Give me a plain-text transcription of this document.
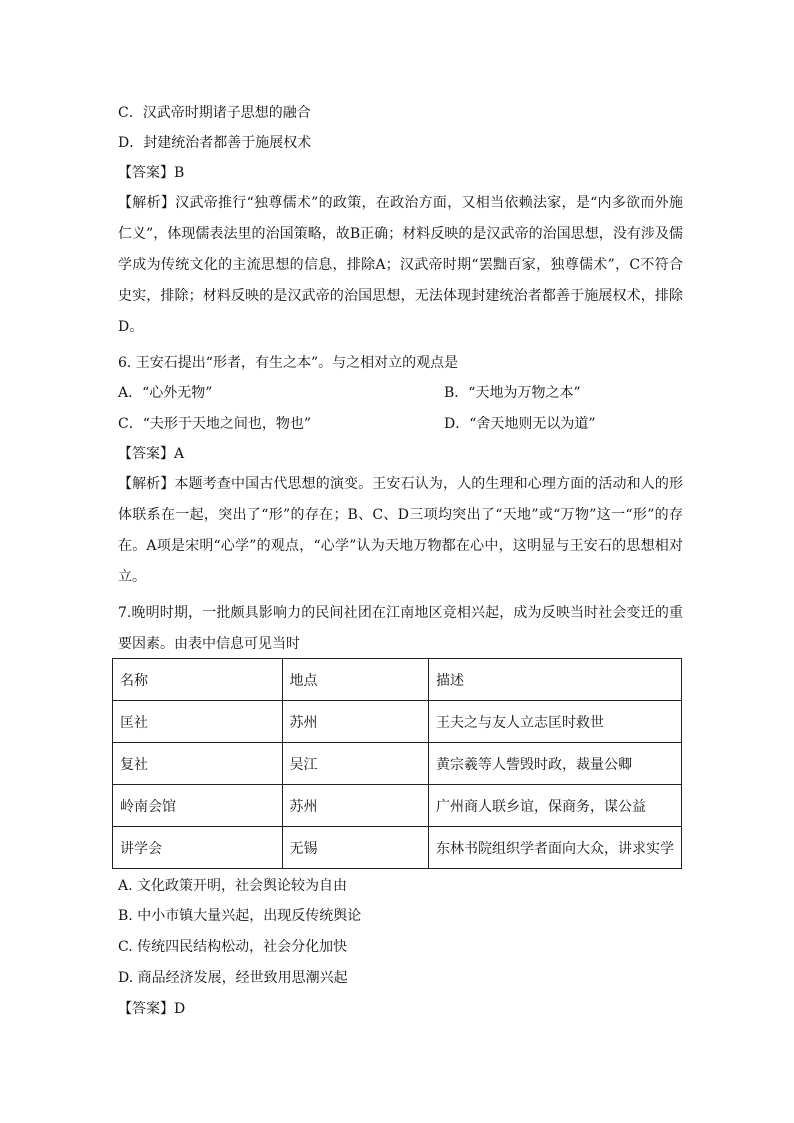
C．汉武帝时期诸子思想的融合
D．封建统治者都善于施展权术
【答案】B
【解析】汉武帝推行“独尊儒术”的政策，在政治方面，又相当依赖法家，是“内多欲而外施仁义”，体现儒表法里的治国策略，故B正确；材料反映的是汉武帝的治国思想，没有涉及儒学成为传统文化的主流思想的信息，排除A；汉武帝时期“罢黜百家，独尊儒术”，C不符合史实，排除；材料反映的是汉武帝的治国思想，无法体现封建统治者都善于施展权术，排除D。
6. 王安石提出“形者，有生之本”。与之相对立的观点是
A．“心外无物”	B．“天地为万物之本”
C．“夫形于天地之间也，物也”	D．“舍天地则无以为道”
【答案】A
【解析】本题考查中国古代思想的演变。王安石认为，人的生理和心理方面的活动和人的形体联系在一起，突出了“形”的存在；B、C、D三项均突出了“天地”或“万物”这一“形”的存在。A项是宋明“心学”的观点，“心学”认为天地万物都在心中，这明显与王安石的思想相对立。
7.晚明时期，一批颇具影响力的民间社团在江南地区竞相兴起，成为反映当时社会变迁的重要因素。由表中信息可见当时
名称	地点	描述
匡社	苏州	王夫之与友人立志匡时救世
复社	吴江	黄宗羲等人訾毁时政，裁量公卿
岭南会馆	苏州	广州商人联乡谊，保商务，谋公益
讲学会	无锡	东林书院组织学者面向大众，讲求实学
A. 文化政策开明，社会舆论较为自由
B. 中小市镇大量兴起，出现反传统舆论
C. 传统四民结构松动，社会分化加快
D. 商品经济发展，经世致用思潮兴起
【答案】D
